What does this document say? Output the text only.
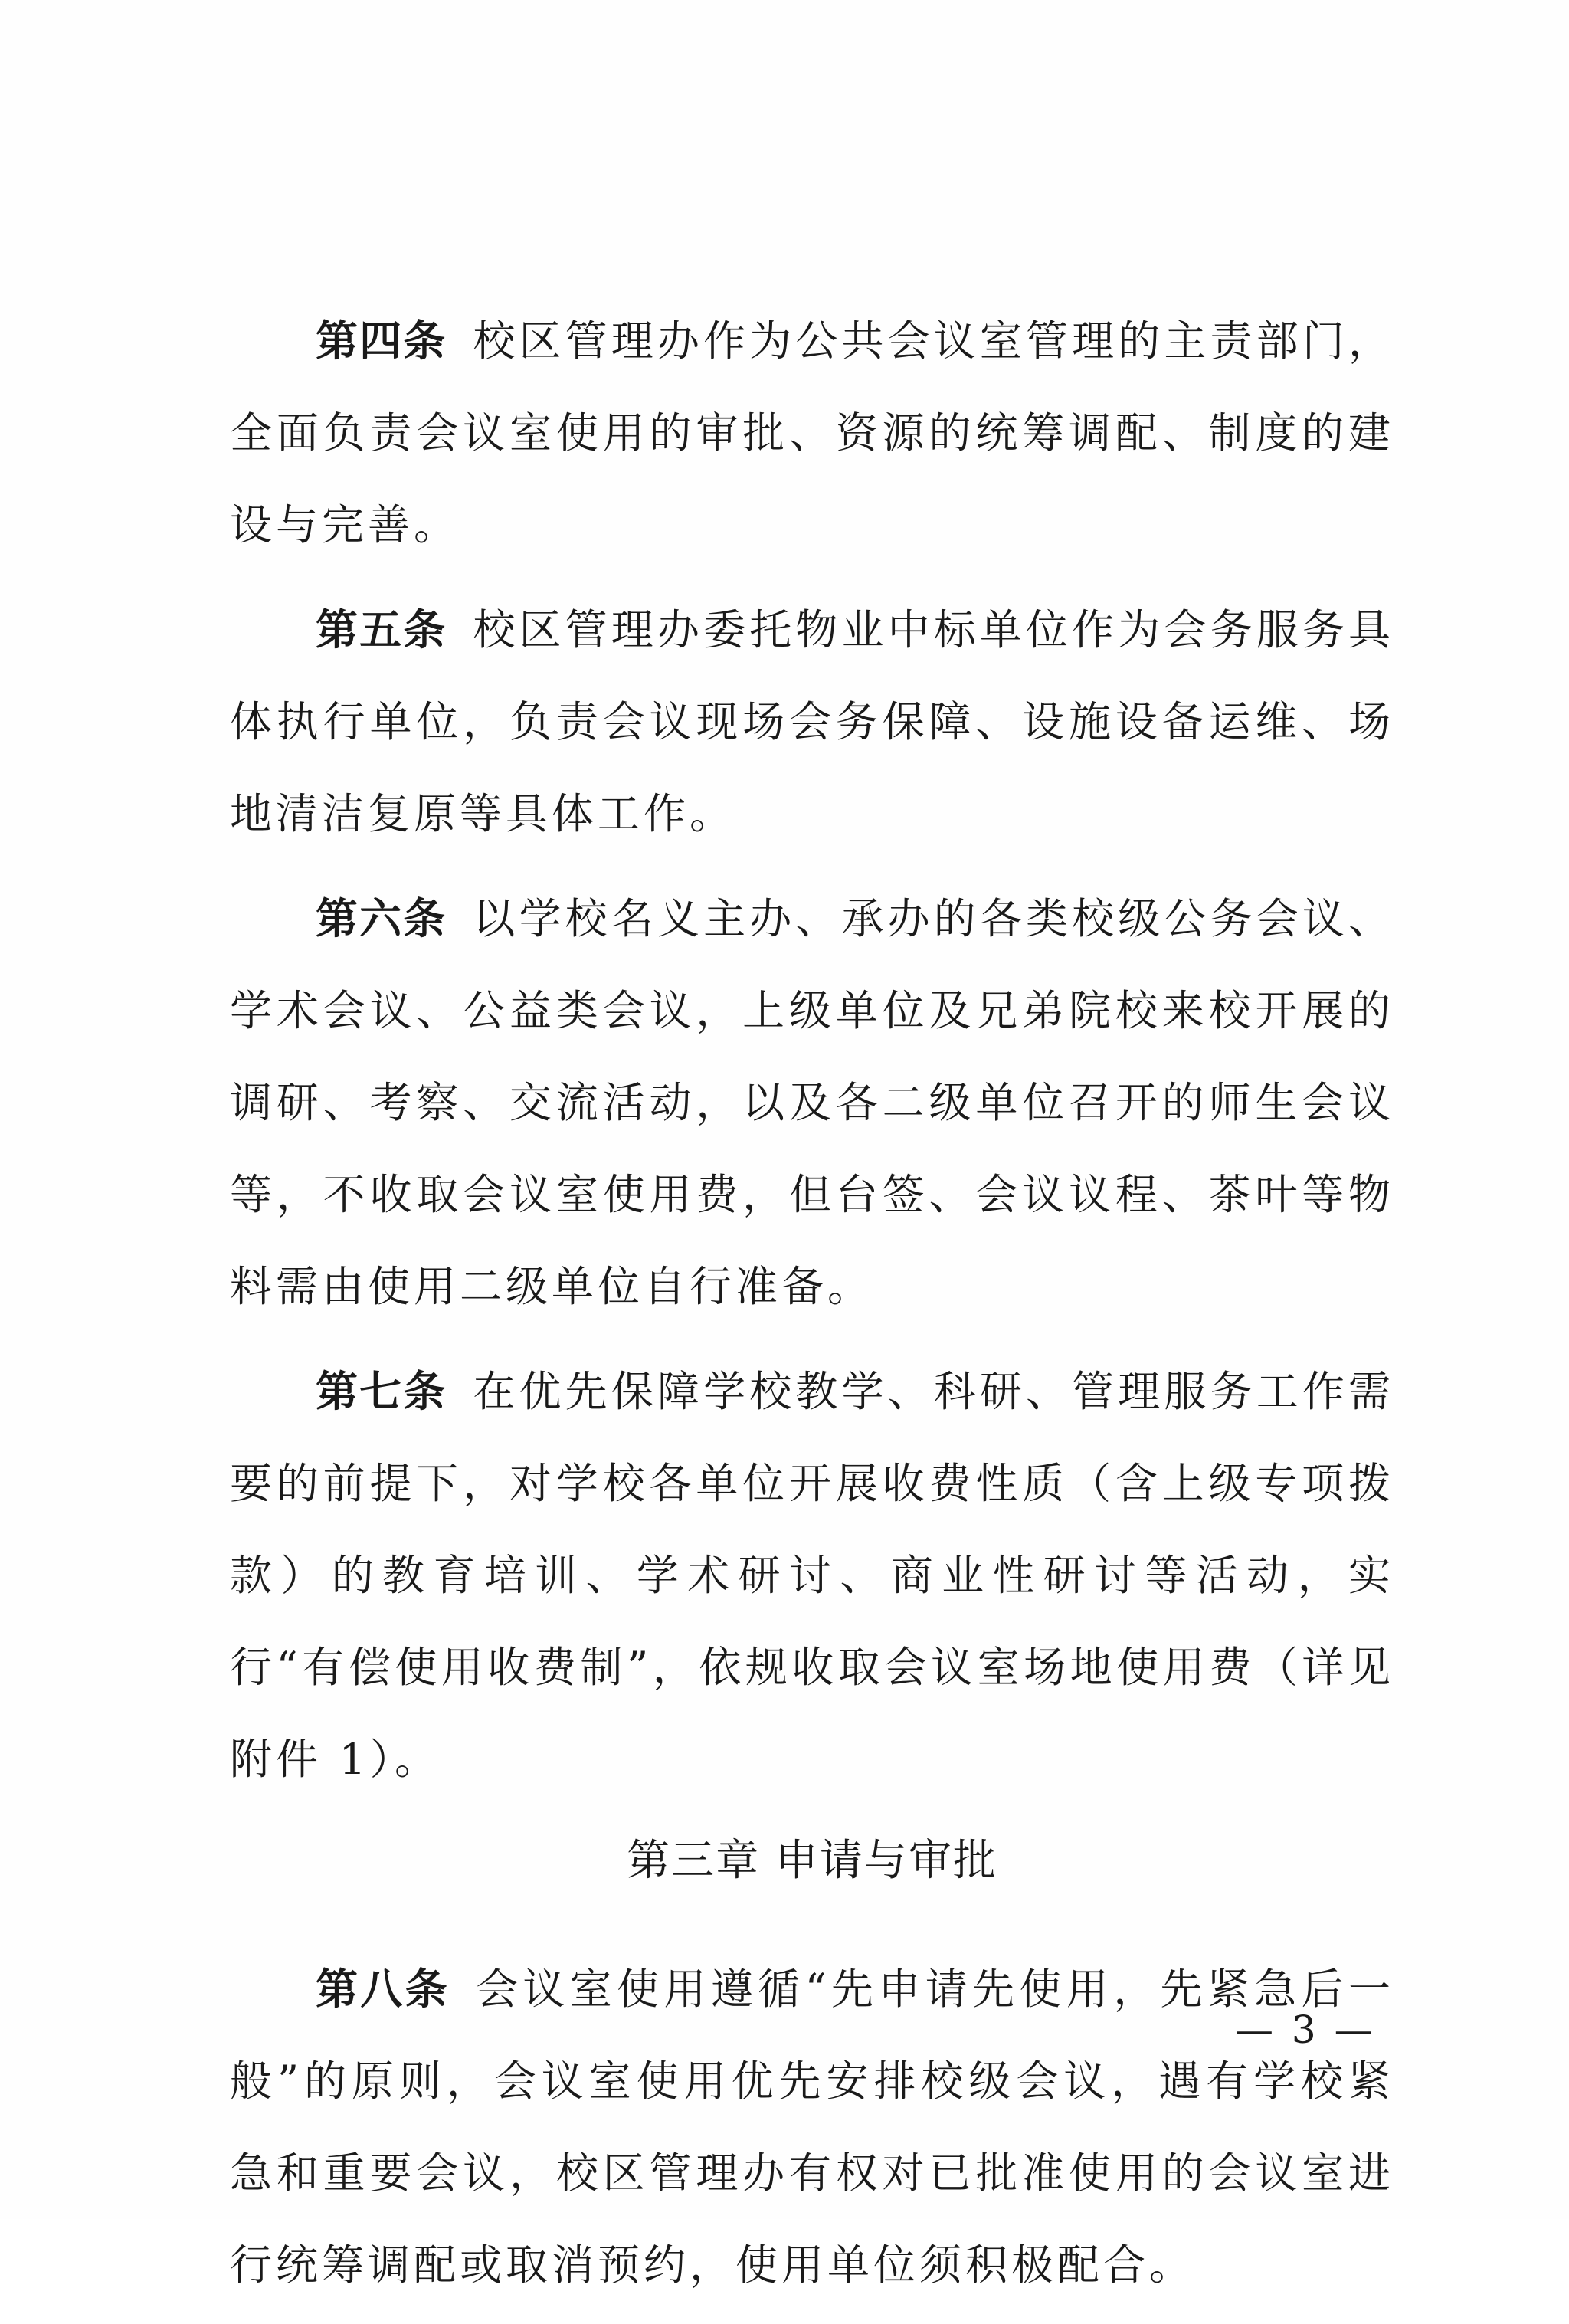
第四条 校区管理办作为公共会议室管理的主责部门，全面负责会议室使用的审批、资源的统筹调配、制度的建设与完善。

第五条 校区管理办委托物业中标单位作为会务服务具体执行单位，负责会议现场会务保障、设施设备运维、场地清洁复原等具体工作。

第六条 以学校名义主办、承办的各类校级公务会议、学术会议、公益类会议，上级单位及兄弟院校来校开展的调研、考察、交流活动，以及各二级单位召开的师生会议等，不收取会议室使用费，但台签、会议议程、茶叶等物料需由使用二级单位自行准备。

第七条 在优先保障学校教学、科研、管理服务工作需要的前提下，对学校各单位开展收费性质（含上级专项拨款）的教育培训、学术研讨、商业性研讨等活动，实行“有偿使用收费制”，依规收取会议室场地使用费（详见附件 1）。

第三章 申请与审批

第八条 会议室使用遵循“先申请先使用，先紧急后一般”的原则，会议室使用优先安排校级会议，遇有学校紧急和重要会议，校区管理办有权对已批准使用的会议室进行统筹调配或取消预约，使用单位须积极配合。

— 3 —
